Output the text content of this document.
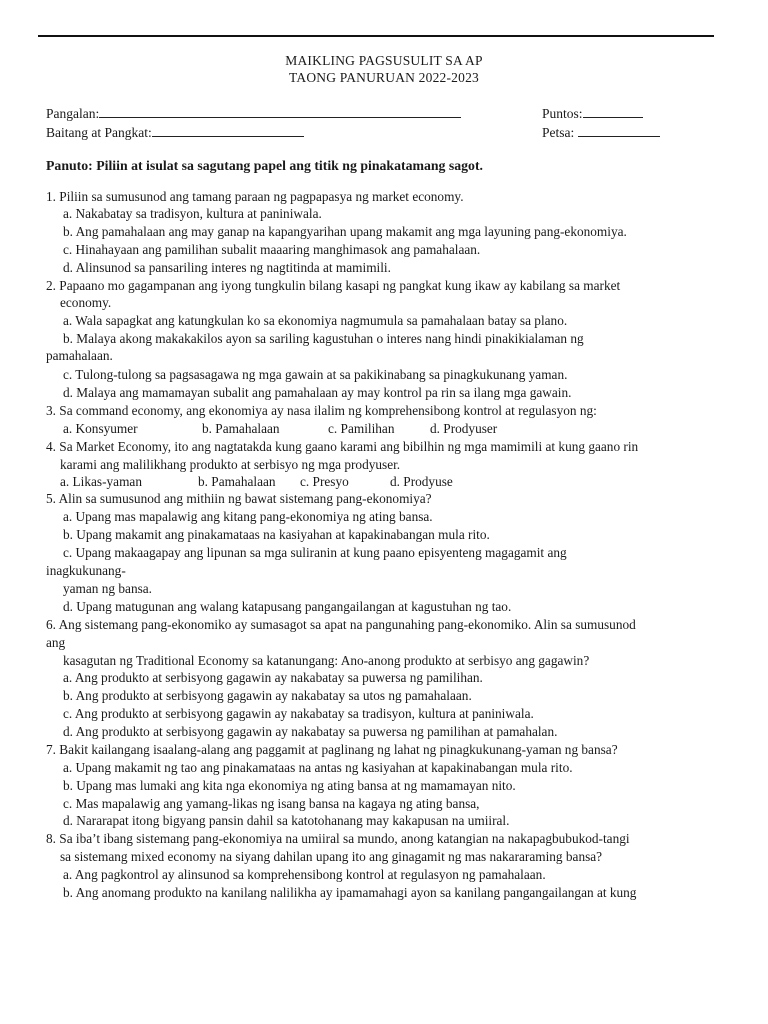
MAIKLING PAGSUSULIT SA AP
TAONG PANURUAN 2022-2023
Pangalan:	Puntos:
Baitang at Pangkat:	Petsa:
Panuto: Piliin at isulat sa sagutang papel ang titik ng pinakatamang sagot.
1. Piliin sa sumusunod ang tamang paraan ng pagpapasya ng market economy.
a. Nakabatay sa tradisyon, kultura at paniniwala.
b. Ang pamahalaan ang may ganap na kapangyarihan upang makamit ang mga layuning pang-ekonomiya.
c. Hinahayaan ang pamilihan subalit maaaring manghimasok ang pamahalaan.
d. Alinsunod sa pansariling interes ng nagtitinda at mamimili.
2. Papaano mo gagampanan ang iyong tungkulin bilang kasapi ng pangkat kung ikaw ay kabilang sa market
economy.
a. Wala sapagkat ang katungkulan ko sa ekonomiya nagmumula sa pamahalaan batay sa plano.
b. Malaya akong makakakilos ayon sa sariling kagustuhan o interes nang hindi pinakikialaman ng
pamahalaan.
c. Tulong-tulong sa pagsasagawa ng mga gawain at sa pakikinabang sa pinagkukunang yaman.
d. Malaya ang mamamayan subalit ang pamahalaan ay may kontrol pa rin sa ilang mga gawain.
3. Sa command economy, ang ekonomiya ay nasa ilalim ng komprehensibong kontrol at regulasyon ng:
a. Konsyumer	b. Pamahalaan	c. Pamilihan	d. Prodyuser
4. Sa Market Economy, ito ang nagtatakda kung gaano karami ang bibilhin ng mga mamimili at kung gaano rin
karami ang malilikhang produkto at serbisyo ng mga prodyuser.
a. Likas-yaman	b. Pamahalaan c. Presyo	d. Prodyuse
5. Alin sa sumusunod ang mithiin ng bawat sistemang pang-ekonomiya?
a. Upang mas mapalawig ang kitang pang-ekonomiya ng ating bansa.
b. Upang makamit ang pinakamataas na kasiyahan at kapakinabangan mula rito.
c. Upang makaagapay ang lipunan sa mga suliranin at kung paano episyenteng magagamit ang
inagkukunang-
yaman ng bansa.
d. Upang matugunan ang walang katapusang pangangailangan at kagustuhan ng tao.
6. Ang sistemang pang-ekonomiko ay sumasagot sa apat na pangunahing pang-ekonomiko. Alin sa sumusunod
ang
kasagutan ng Traditional Economy sa katanungang: Ano-anong produkto at serbisyo ang gagawin?
a. Ang produkto at serbisyong gagawin ay nakabatay sa puwersa ng pamilihan.
b. Ang produkto at serbisyong gagawin ay nakabatay sa utos ng pamahalaan.
c. Ang produkto at serbisyong gagawin ay nakabatay sa tradisyon, kultura at paniniwala.
d. Ang produkto at serbisyong gagawin ay nakabatay sa puwersa ng pamilihan at pamahalan.
7. Bakit kailangang isaalang-alang ang paggamit at paglinang ng lahat ng pinagkukunang-yaman ng bansa?
a. Upang makamit ng tao ang pinakamataas na antas ng kasiyahan at kapakinabangan mula rito.
b. Upang mas lumaki ang kita nga ekonomiya ng ating bansa at ng mamamayan nito.
c. Mas mapalawig ang yamang-likas ng isang bansa na kagaya ng ating bansa,
d. Nararapat itong bigyang pansin dahil sa katotohanang may kakapusan na umiiral.
8. Sa iba’t ibang sistemang pang-ekonomiya na umiiral sa mundo, anong katangian na nakapagbubukod-tangi
sa sistemang mixed economy na siyang dahilan upang ito ang ginagamit ng mas nakararaming bansa?
a. Ang pagkontrol ay alinsunod sa komprehensibong kontrol at regulasyon ng pamahalaan.
b. Ang anomang produkto na kanilang nalilikha ay ipamamahagi ayon sa kanilang pangangailangan at kung
